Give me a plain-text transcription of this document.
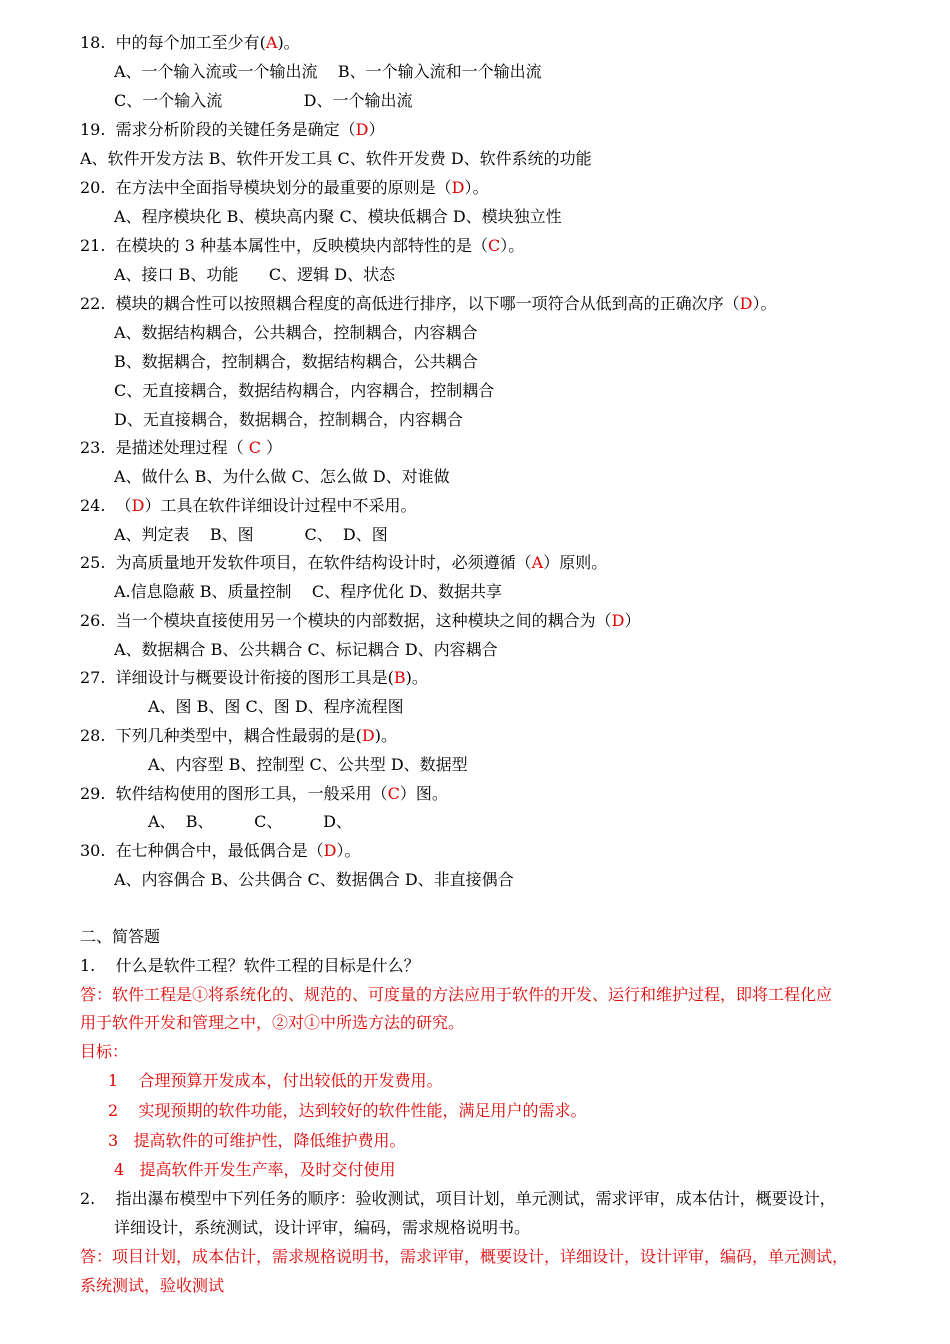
18.  中的每个加工至少有(A)。
A、一个输入流或一个输出流    B、一个输入流和一个输出流
C、一个输入流                D、一个输出流
19.  需求分析阶段的关键任务是确定（D）
A、软件开发方法 B、软件开发工具 C、软件开发费 D、软件系统的功能
20.  在方法中全面指导模块划分的最重要的原则是（D）。
A、程序模块化 B、模块高内聚 C、模块低耦合 D、模块独立性
21.  在模块的 3 种基本属性中，反映模块内部特性的是（C）。
A、接口 B、功能      C、逻辑 D、状态
22.  模块的耦合性可以按照耦合程度的高低进行排序，以下哪一项符合从低到高的正确次序（D）。
A、数据结构耦合，公共耦合，控制耦合，内容耦合
B、数据耦合，控制耦合，数据结构耦合，公共耦合
C、无直接耦合，数据结构耦合，内容耦合，控制耦合
D、无直接耦合，数据耦合，控制耦合，内容耦合
23.  是描述处理过程（ C ）
A、做什么 B、为什么做 C、怎么做 D、对谁做
24.  （D）工具在软件详细设计过程中不采用。
A、判定表    B、图          C、  D、图
25.  为高质量地开发软件项目，在软件结构设计时，必须遵循（A）原则。
A.信息隐蔽 B、质量控制    C、程序优化 D、数据共享
26.  当一个模块直接使用另一个模块的内部数据，这种模块之间的耦合为（D）
A、数据耦合 B、公共耦合 C、标记耦合 D、内容耦合
27.  详细设计与概要设计衔接的图形工具是(B)。
A、图 B、图 C、图 D、程序流程图
28.  下列几种类型中，耦合性最弱的是(D)。
A、内容型 B、控制型 C、公共型 D、数据型
29.  软件结构使用的图形工具，一般采用（C）图。
A、  B、        C、        D、
30.  在七种偶合中，最低偶合是（D）。
A、内容偶合 B、公共偶合 C、数据偶合 D、非直接偶合
二、简答题
1.    什么是软件工程？软件工程的目标是什么？
答：软件工程是①将系统化的、规范的、可度量的方法应用于软件的开发、运行和维护过程，即将工程化应
用于软件开发和管理之中，②对①中所选方法的研究。
目标：
1    合理预算开发成本，付出较低的开发费用。
2    实现预期的软件功能，达到较好的软件性能，满足用户的需求。
3   提高软件的可维护性，降低维护费用。
4   提高软件开发生产率，及时交付使用
2.    指出瀑布模型中下列任务的顺序：验收测试，项目计划，单元测试，需求评审，成本估计，概要设计，
详细设计，系统测试，设计评审，编码，需求规格说明书。
答：项目计划，成本估计，需求规格说明书，需求评审，概要设计，详细设计，设计评审，编码，单元测试，
系统测试，验收测试
